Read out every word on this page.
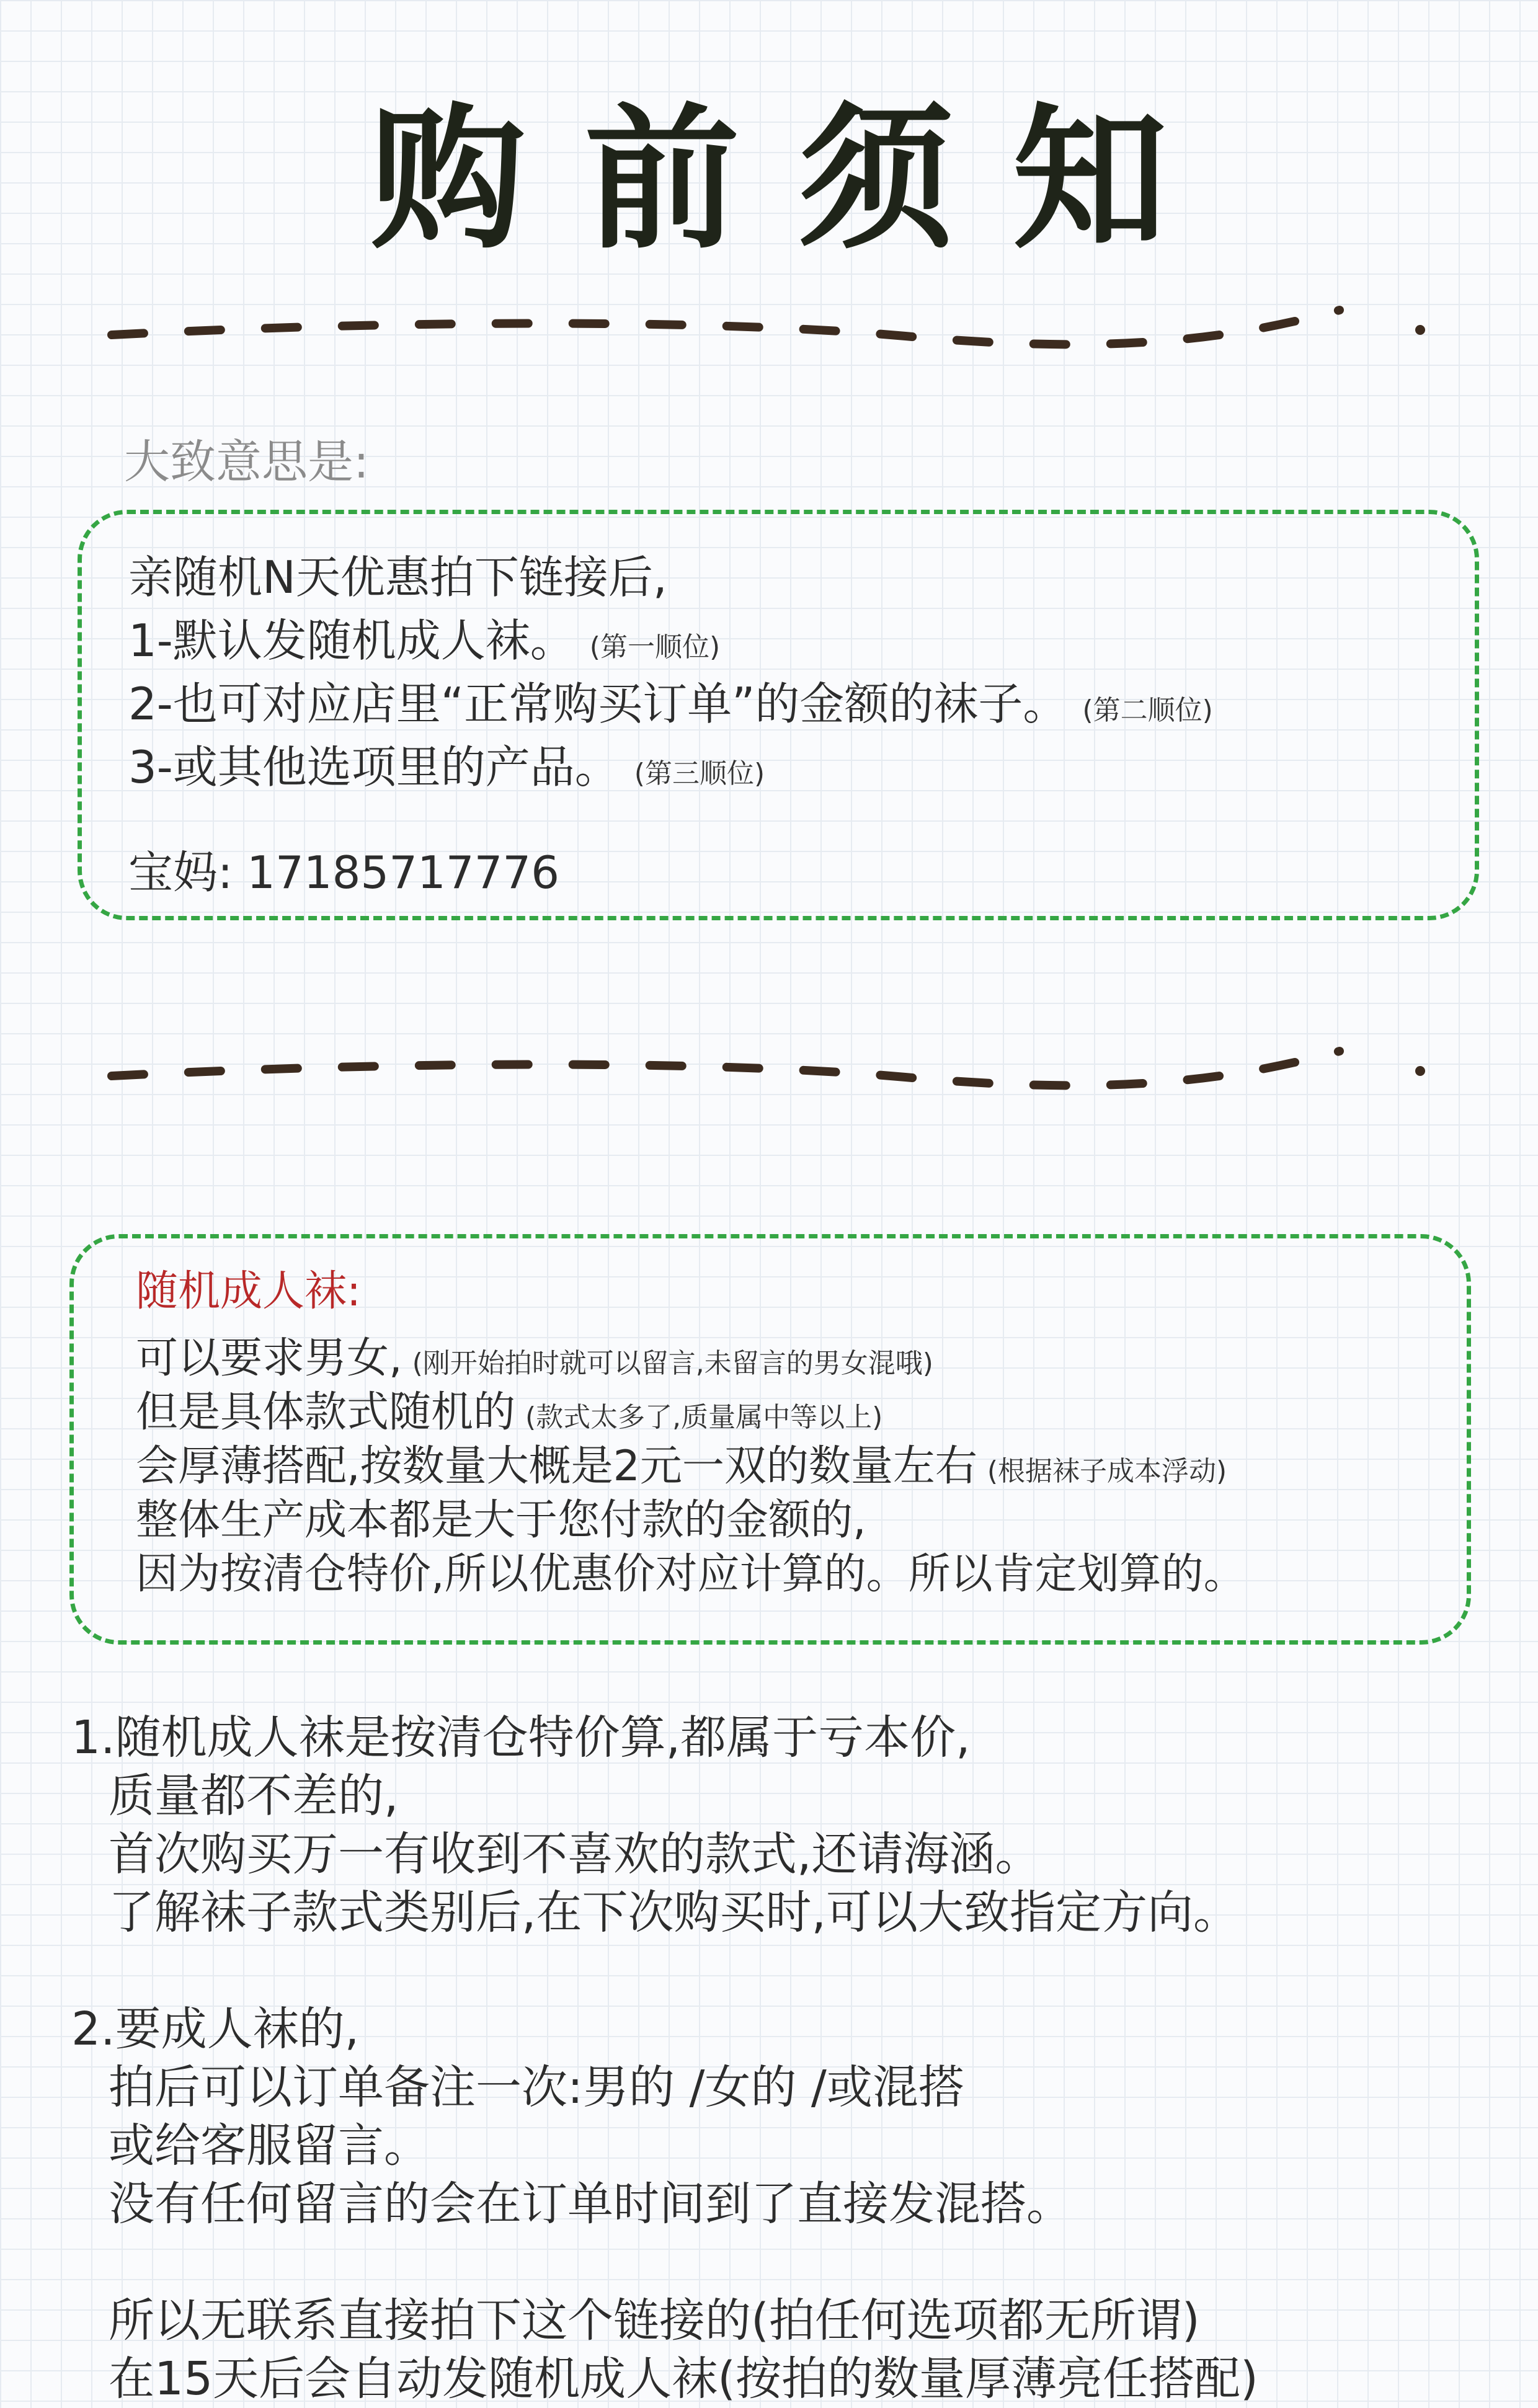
购前须知
大致意思是:
亲随机N天优惠拍下链接后,
1-默认发随机成人袜。 (第一顺位)
2-也可对应店里“正常购买订单”的金额的袜子。 (第二顺位)
3-或其他选项里的产品。 (第三顺位)
宝妈: 17185717776
随机成人袜:
可以要求男女, (刚开始拍时就可以留言,未留言的男女混哦)
但是具体款式随机的 (款式太多了,质量属中等以上)
会厚薄搭配,按数量大概是2元一双的数量左右 (根据袜子成本浮动)
整体生产成本都是大于您付款的金额的,
因为按清仓特价,所以优惠价对应计算的。所以肯定划算的。
1.随机成人袜是按清仓特价算,都属于亏本价,
质量都不差的,
首次购买万一有收到不喜欢的款式,还请海涵。
了解袜子款式类别后,在下次购买时,可以大致指定方向。
2.要成人袜的,
拍后可以订单备注一次:男的 /女的 /或混搭
或给客服留言。
没有任何留言的会在订单时间到了直接发混搭。
所以无联系直接拍下这个链接的(拍任何选项都无所谓)
在15天后会自动发随机成人袜(按拍的数量厚薄亮任搭配)
